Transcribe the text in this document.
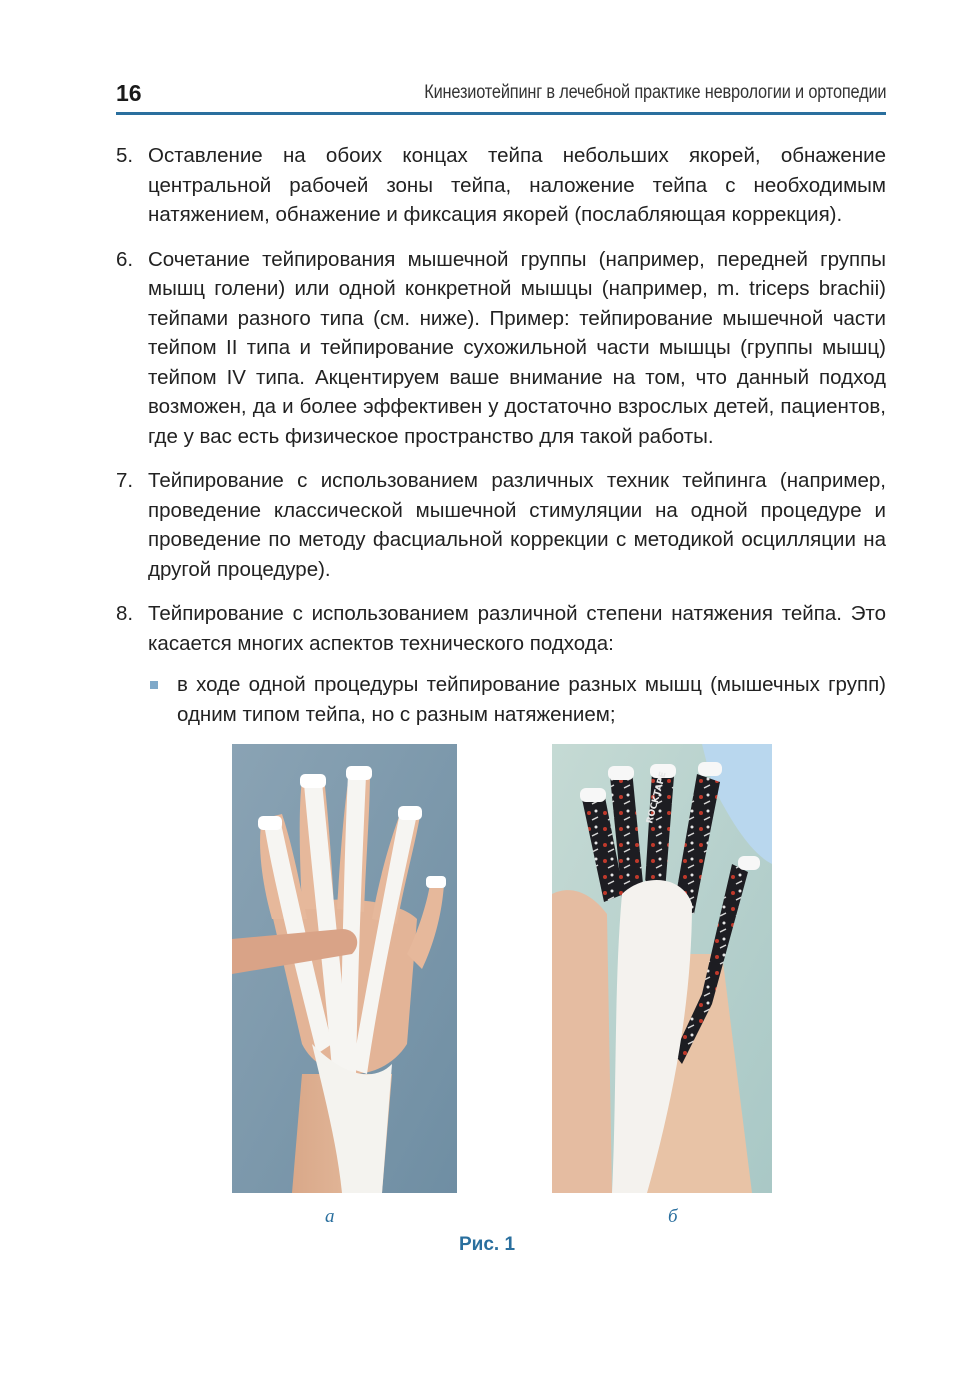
16	Кинезиотейпинг в лечебной практике неврологии и ортопедии
5. Оставление на обоих концах тейпа небольших якорей, обнажение центральной рабочей зоны тейпа, наложение тейпа с необходимым натяжением, обнажение и фиксация якорей (послабляющая коррекция).

6. Сочетание тейпирования мышечной группы (например, передней группы мышц голени) или одной конкретной мышцы (например, m. triceps brachii) тейпами разного типа (см. ниже). Пример: тейпирование мышечной части тейпом II типа и тейпирование сухожильной части мышцы (группы мышц) тейпом IV типа. Акцентируем ваше внимание на том, что данный подход возможен, да и более эффективен у достаточно взрослых детей, пациентов, где у вас есть физическое пространство для такой работы.

7. Тейпирование с использованием различных техник тейпинга (например, проведение классической мышечной стимуляции на одной процедуре и проведение по методу фасциальной коррекции с методикой осцилляции на другой процедуре).

8. Тейпирование с использованием различной степени натяжения тейпа. Это касается многих аспектов технического подхода:

в ходе одной процедуры тейпирование разных мышц (мышечных групп) одним типом тейпа, но с разным натяжением;

ROCKTAPE
а	б
Рис. 1
